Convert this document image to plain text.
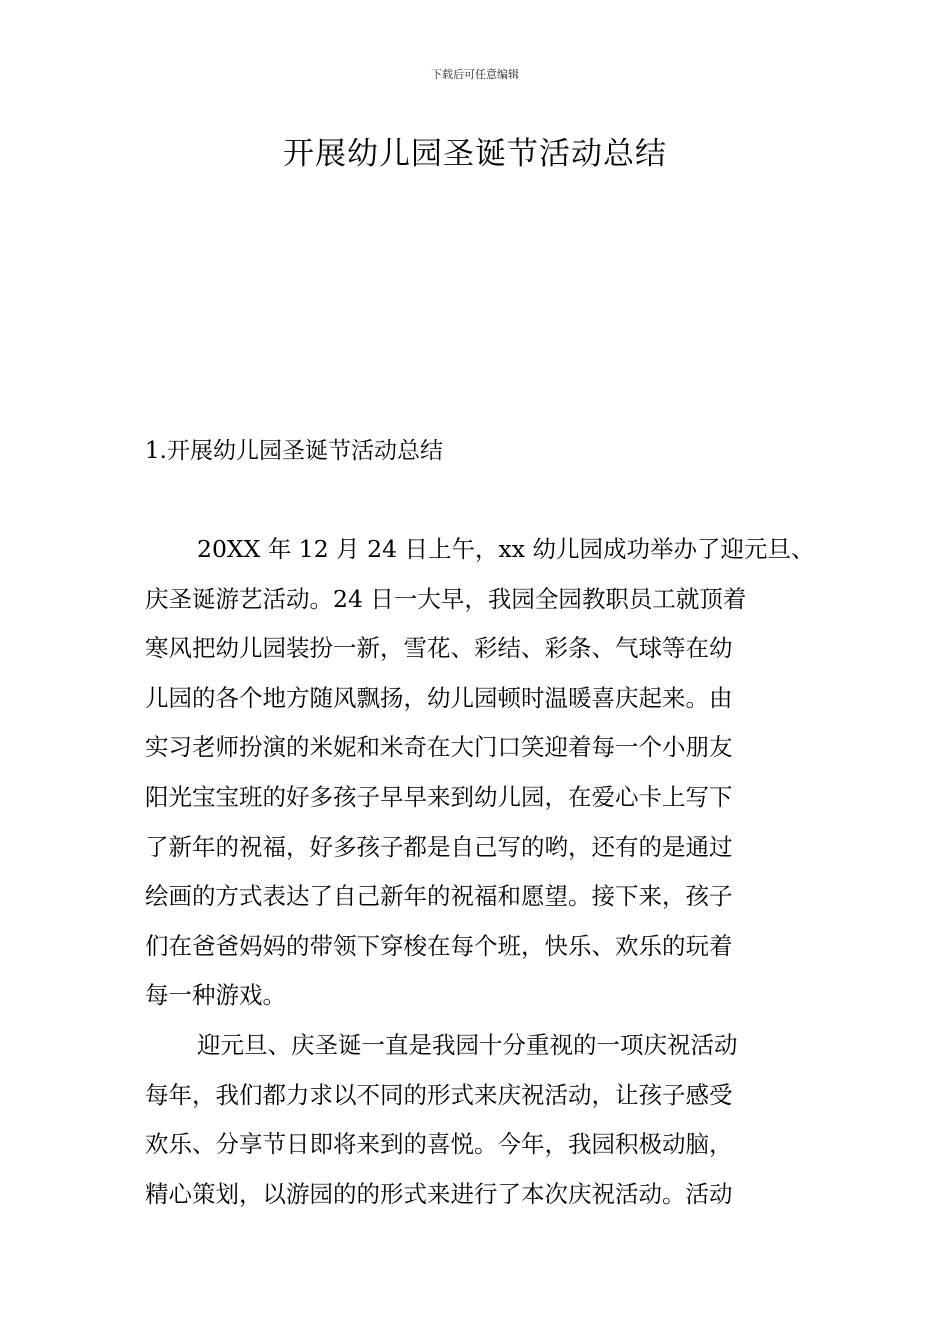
下载后可任意编辑
开展幼儿园圣诞节活动总结
1.开展幼儿园圣诞节活动总结
20XX 年 12 月 24 日上午，xx 幼儿园成功举办了迎元旦、
庆圣诞游艺活动。24 日一大早，我园全园教职员工就顶着
寒风把幼儿园装扮一新，雪花、彩结、彩条、气球等在幼
儿园的各个地方随风飘扬，幼儿园顿时温暖喜庆起来。由
实习老师扮演的米妮和米奇在大门口笑迎着每一个小朋友
阳光宝宝班的好多孩子早早来到幼儿园，在爱心卡上写下
了新年的祝福，好多孩子都是自己写的哟，还有的是通过
绘画的方式表达了自己新年的祝福和愿望。接下来，孩子
们在爸爸妈妈的带领下穿梭在每个班，快乐、欢乐的玩着
每一种游戏。
迎元旦、庆圣诞一直是我园十分重视的一项庆祝活动
每年，我们都力求以不同的形式来庆祝活动，让孩子感受
欢乐、分享节日即将来到的喜悦。今年，我园积极动脑，
精心策划，以游园的的形式来进行了本次庆祝活动。活动
